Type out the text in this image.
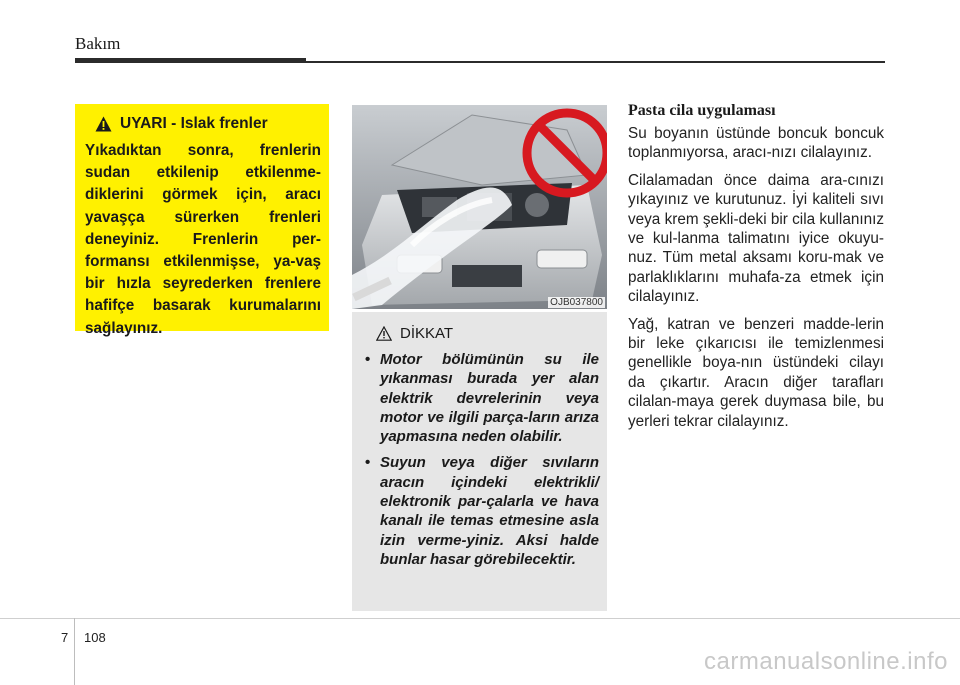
Bakım
UYARI - Islak frenler
Yıkadıktan sonra, frenlerin sudan etkilenip etkilenme-diklerini görmek için, aracı yavaşça sürerken frenleri deneyiniz. Frenlerin per-formansı etkilenmişse, ya-vaş bir hızla seyrederken frenlere hafifçe basarak kurumalarını sağlayınız.
OJB037800
DİKKAT
• Motor bölümünün su ile yıkanması burada yer alan elektrik devrelerinin veya motor ve ilgili parça-ların arıza yapmasına neden olabilir.
• Suyun veya diğer sıvıların aracın içindeki elektrikli/ elektronik par-çalarla ve hava kanalı ile temas etmesine asla izin verme-yiniz. Aksi halde bunlar hasar görebilecektir.
Pasta cila uygulaması

Su boyanın üstünde boncuk boncuk toplanmıyorsa, aracı-nızı cilalayınız.

Cilalamadan önce daima ara-cınızı yıkayınız ve kurutunuz. İyi kaliteli sıvı veya krem şekli-deki bir cila kullanınız ve kul-lanma talimatını iyice okuyu-nuz. Tüm metal aksamı koru-mak ve parlaklıklarını muhafa-za etmek için cilalayınız.

Yağ, katran ve benzeri madde-lerin bir leke çıkarıcısı ile temizlenmesi genellikle boya-nın üstündeki cilayı da çıkartır. Aracın diğer tarafları cilalan-maya gerek duymasa bile, bu yerleri tekrar cilalayınız.

7 108
carmanualsonline.info
